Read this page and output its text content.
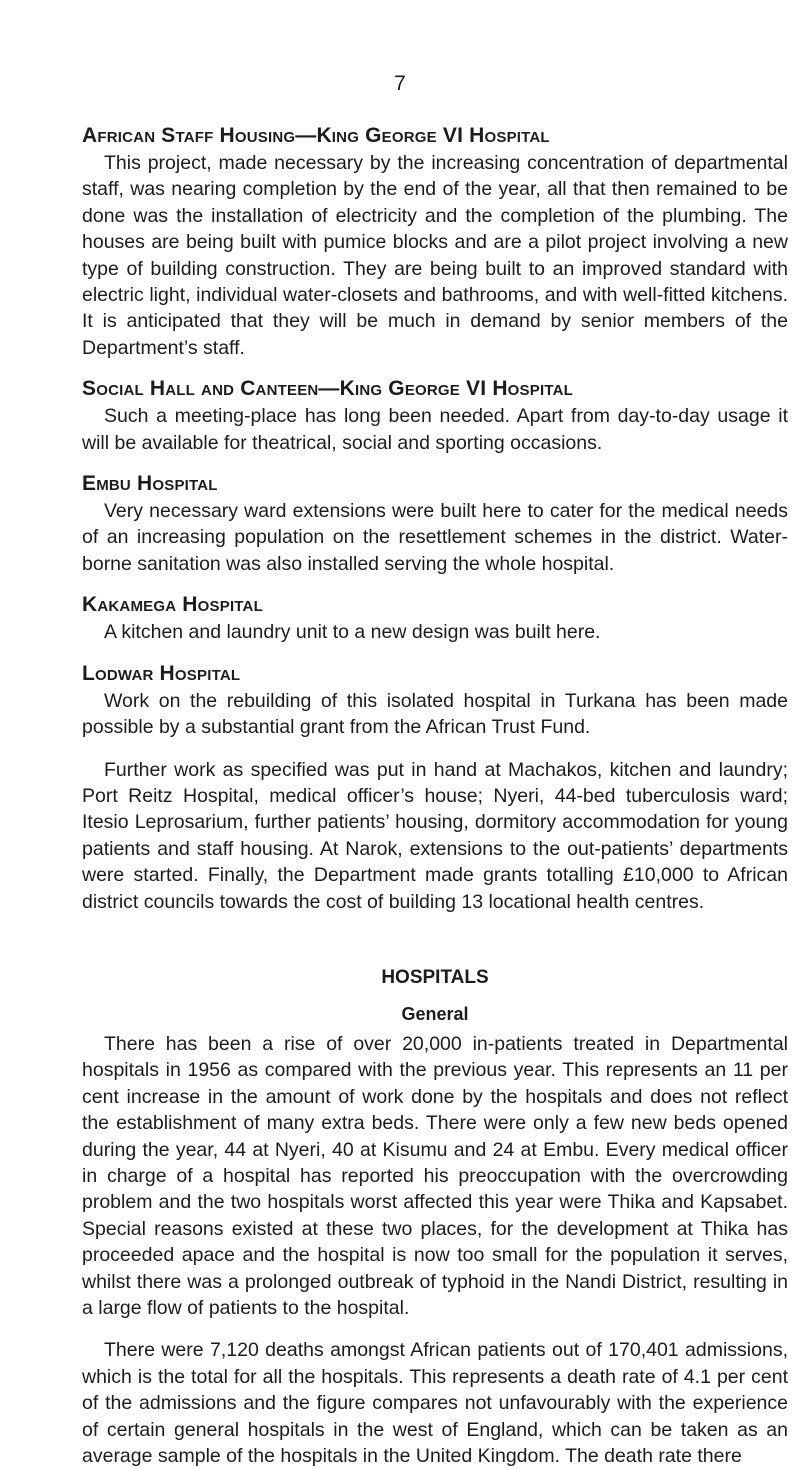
7
African Staff Housing—King George VI Hospital

This project, made necessary by the increasing concentration of departmental staff, was nearing completion by the end of the year, all that then remained to be done was the installation of electricity and the completion of the plumbing. The houses are being built with pumice blocks and are a pilot project involving a new type of building construction. They are being built to an improved standard with electric light, individual water-closets and bathrooms, and with well-fitted kitchens. It is anticipated that they will be much in demand by senior members of the Department’s staff.

Social Hall and Canteen—King George VI Hospital

Such a meeting-place has long been needed. Apart from day-to-day usage it will be available for theatrical, social and sporting occasions.

Embu Hospital

Very necessary ward extensions were built here to cater for the medical needs of an increasing population on the resettlement schemes in the district. Water-borne sanitation was also installed serving the whole hospital.

Kakamega Hospital

A kitchen and laundry unit to a new design was built here.

Lodwar Hospital

Work on the rebuilding of this isolated hospital in Turkana has been made possible by a substantial grant from the African Trust Fund.

Further work as specified was put in hand at Machakos, kitchen and laundry; Port Reitz Hospital, medical officer’s house; Nyeri, 44-bed tuberculosis ward; Itesio Leprosarium, further patients’ housing, dormitory accommodation for young patients and staff housing. At Narok, extensions to the out-patients’ departments were started. Finally, the Department made grants totalling £10,000 to African district councils towards the cost of building 13 locational health centres.

HOSPITALS
General

There has been a rise of over 20,000 in-patients treated in Departmental hospitals in 1956 as compared with the previous year. This represents an 11 per cent increase in the amount of work done by the hospitals and does not reflect the establishment of many extra beds. There were only a few new beds opened during the year, 44 at Nyeri, 40 at Kisumu and 24 at Embu. Every medical officer in charge of a hospital has reported his preoccupation with the overcrowding problem and the two hospitals worst affected this year were Thika and Kapsabet. Special reasons existed at these two places, for the development at Thika has proceeded apace and the hospital is now too small for the population it serves, whilst there was a prolonged outbreak of typhoid in the Nandi District, resulting in a large flow of patients to the hospital.

There were 7,120 deaths amongst African patients out of 170,401 admissions, which is the total for all the hospitals. This represents a death rate of 4.1 per cent of the admissions and the figure compares not unfavourably with the experience of certain general hospitals in the west of England, which can be taken as an average sample of the hospitals in the United Kingdom. The death rate there
